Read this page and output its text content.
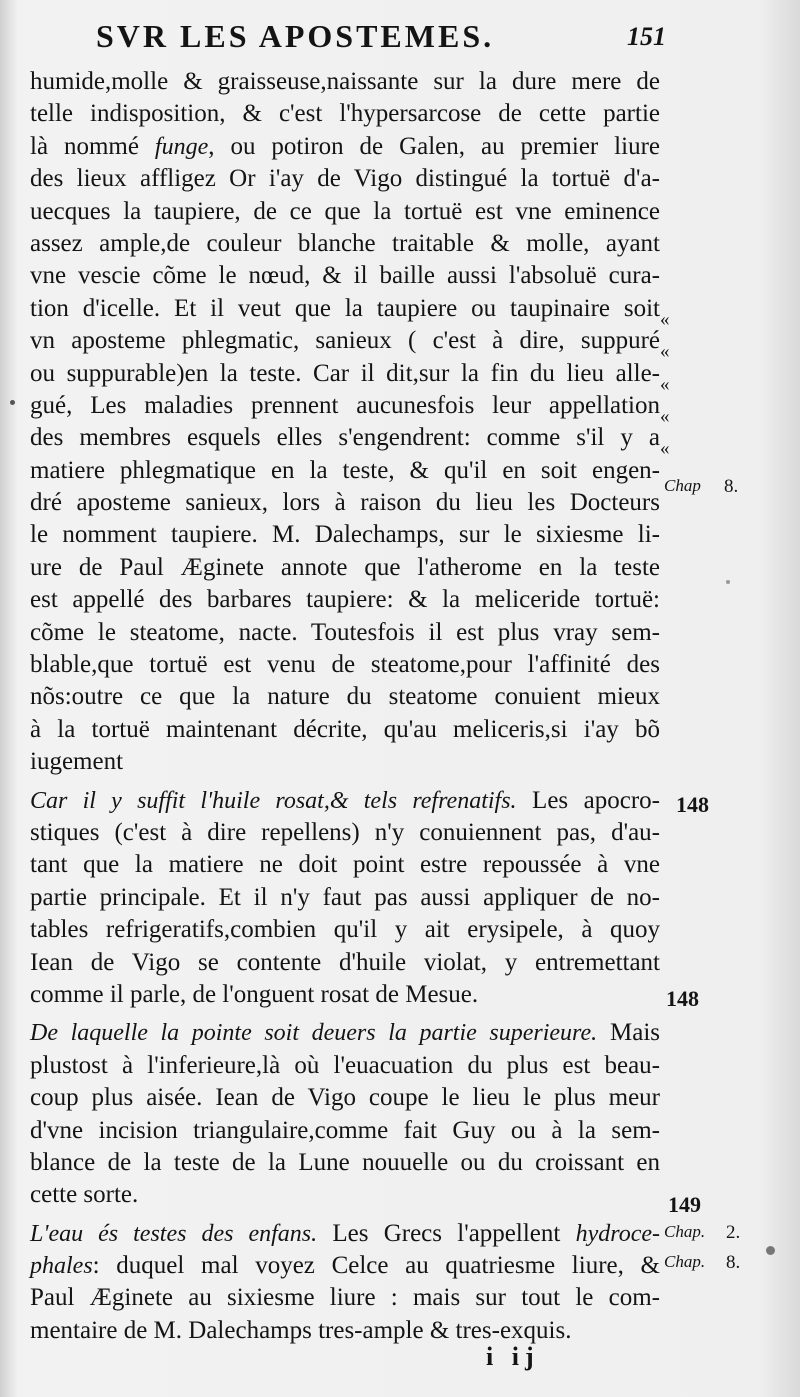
SVR LES APOSTEMES.	151
humide,molle & graisseuse,naissante sur la dure mere de
telle indisposition, & c'est l'hypersarcose de cette partie
là nommé funge, ou potiron de Galen, au premier liure
des lieux affligez Or i'ay de Vigo distingué la tortuë d'a-
uecques la taupiere, de ce que la tortuë est vne eminence
assez ample,de couleur blanche traitable & molle, ayant
vne vescie cõme le nœud, & il baille aussi l'absoluë cura-
tion d'icelle. Et il veut que la taupiere ou taupinaire soit
vn aposteme phlegmatic, sanieux ( c'est à dire, suppuré
ou suppurable)en la teste. Car il dit,sur la fin du lieu alle-
gué, Les maladies prennent aucunesfois leur appellation
des membres esquels elles s'engendrent: comme s'il y a
matiere phlegmatique en la teste, & qu'il en soit engen-
dré aposteme sanieux, lors à raison du lieu les Docteurs
le nomment taupiere. M. Dalechamps, sur le sixiesme li-
ure de Paul Æginete annote que l'atherome en la teste
est appellé des barbares taupiere: & la meliceride tortuë:
cõme le steatome, nacte. Toutesfois il est plus vray sem-
blable,que tortuë est venu de steatome,pour l'affinité des
nõs:outre ce que la nature du steatome conuient mieux
à la tortuë maintenant décrite, qu'au meliceris,si i'ay bõ
iugement
Car il y suffit l'huile rosat,& tels refrenatifs. Les apocro-
stiques (c'est à dire repellens) n'y conuiennent pas, d'au-
tant que la matiere ne doit point estre repoussée à vne
partie principale. Et il n'y faut pas aussi appliquer de no-
tables refrigeratifs,combien qu'il y ait erysipele, à quoy
Iean de Vigo se contente d'huile violat, y entremettant
comme il parle, de l'onguent rosat de Mesue.
De laquelle la pointe soit deuers la partie superieure. Mais
plustost à l'inferieure,là où l'euacuation du plus est beau-
coup plus aisée. Iean de Vigo coupe le lieu le plus meur
d'vne incision triangulaire,comme fait Guy ou à la sem-
blance de la teste de la Lune nouuelle ou du croissant en
cette sorte.
L'eau és testes des enfans. Les Grecs l'appellent hydroce-
phales: duquel mal voyez Celce au quatriesme liure, &
Paul Æginete au sixiesme liure : mais sur tout le com-
mentaire de M. Dalechamps tres-ample & tres-exquis.
«
«
«
«
«
Chap 8.
148
148
149
Chap. 2.
Chap. 8.
i ij
